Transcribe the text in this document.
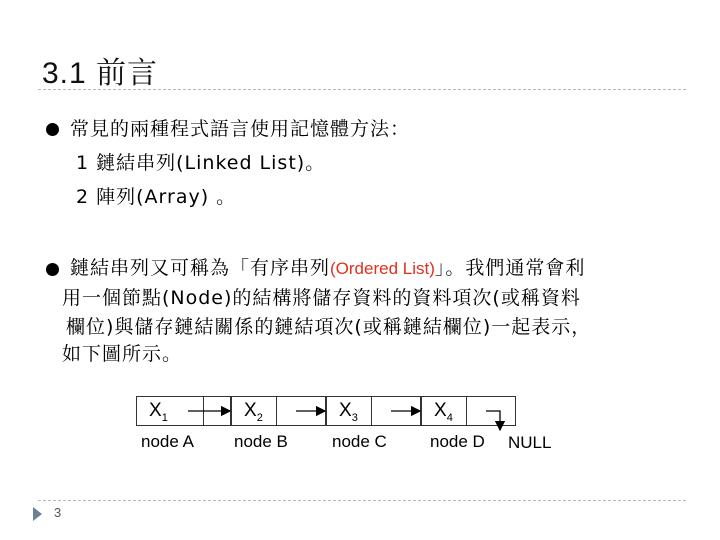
3.1 前言
常見的兩種程式語言使用記憶體方法：
1 鏈結串列(Linked List)。
2 陣列(Array) 。
鏈結串列又可稱為「有序串列(Ordered List)」。我們通常會利
用一個節點(Node)的結構將儲存資料的資料項次(或稱資料
欄位)與儲存鏈結關係的鏈結項次(或稱鏈結欄位)一起表示，
如下圖所示。
$X_1$	$X_2$	$X_3$	$X_4$
node A node B	node C	node D NULL
3
